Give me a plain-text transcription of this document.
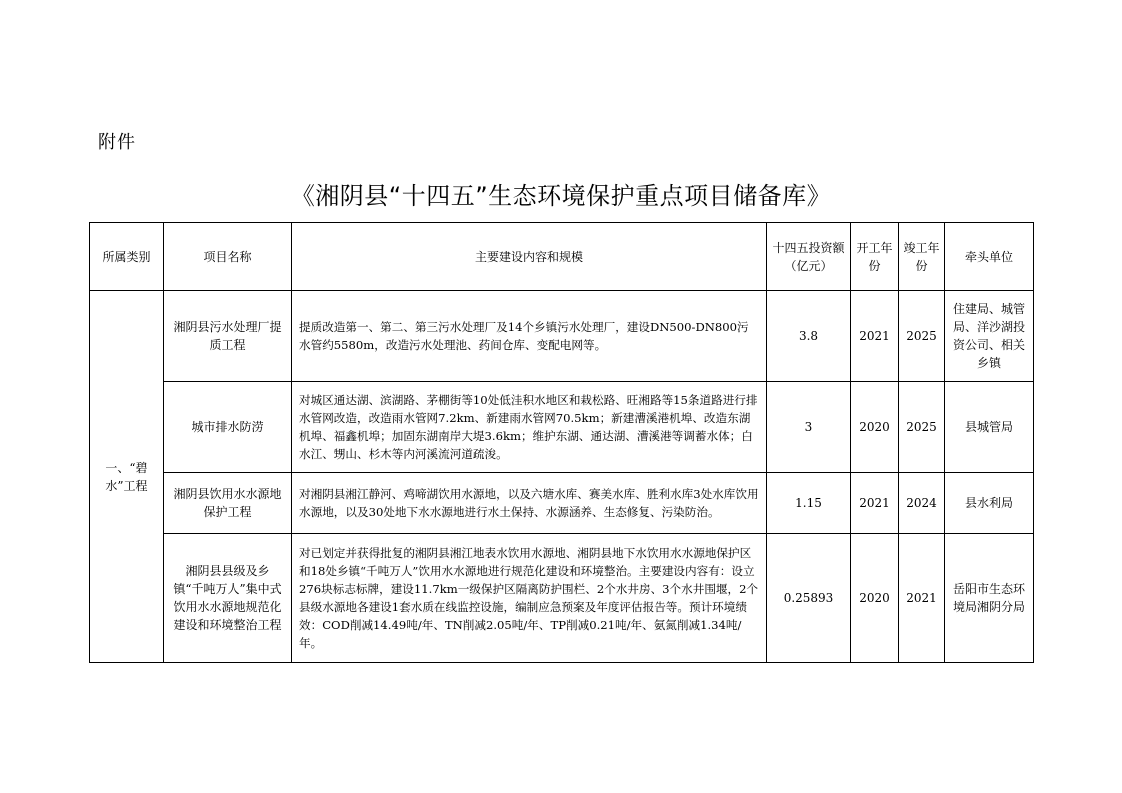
附件
《湘阴县“十四五”生态环境保护重点项目储备库》
所属类别	项目名称	主要建设内容和规模	十四五投资额（亿元）	开工年份	竣工年份	牵头单位
一、“碧水”工程	湘阴县污水处理厂提质工程	提质改造第一、第二、第三污水处理厂及14个乡镇污水处理厂，建设DN500-DN800污水管约5580m，改造污水处理池、药间仓库、变配电网等。	3.8	2021	2025	住建局、城管局、洋沙湖投资公司、相关乡镇
	城市排水防涝	对城区通达湖、滨湖路、茅棚街等10处低洼积水地区和栽松路、旺湘路等15条道路进行排水管网改造，改造雨水管网7.2km、新建雨水管网70.5km；新建漕溪港机埠、改造东湖机埠、福鑫机埠；加固东湖南岸大堤3.6km；维护东湖、通达湖、漕溪港等调蓄水体；白水江、甥山、杉木等内河溪流河道疏浚。	3	2020	2025	县城管局
	湘阴县饮用水水源地保护工程	对湘阴县湘江静河、鸡啼湖饮用水源地，以及六塘水库、赛美水库、胜利水库3处水库饮用水源地，以及30处地下水水源地进行水土保持、水源涵养、生态修复、污染防治。	1.15	2021	2024	县水利局
	湘阴县县级及乡镇“千吨万人”集中式饮用水水源地规范化建设和环境整治工程	对已划定并获得批复的湘阴县湘江地表水饮用水源地、湘阴县地下水饮用水水源地保护区和18处乡镇“千吨万人”饮用水水源地进行规范化建设和环境整治。主要建设内容有：设立276块标志标牌，建设11.7km一级保护区隔离防护围栏、2个水井房、3个水井围堰，2个县级水源地各建设1套水质在线监控设施，编制应急预案及年度评估报告等。预计环境绩效：COD削减14.49吨/年、TN削减2.05吨/年、TP削减0.21吨/年、氨氮削减1.34吨/年。	0.25893	2020	2021	岳阳市生态环境局湘阴分局
